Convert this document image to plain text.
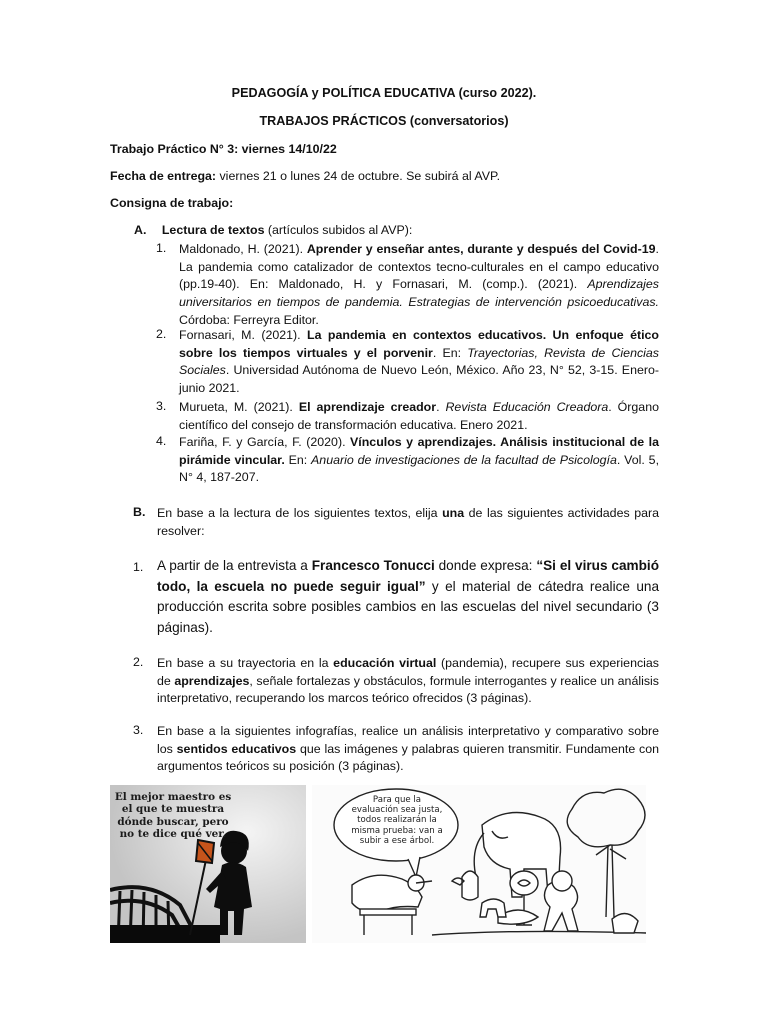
PEDAGOGÍA y POLÍTICA EDUCATIVA (curso 2022).
TRABAJOS PRÁCTICOS (conversatorios)
Trabajo Práctico N° 3: viernes 14/10/22
Fecha de entrega: viernes 21 o lunes 24 de octubre. Se subirá al AVP.
Consigna de trabajo:
A. Lectura de textos (artículos subidos al AVP):
1. Maldonado, H. (2021). Aprender y enseñar antes, durante y después del Covid-19. La pandemia como catalizador de contextos tecno-culturales en el campo educativo (pp.19-40). En: Maldonado, H. y Fornasari, M. (comp.). (2021). Aprendizajes universitarios en tiempos de pandemia. Estrategias de intervención psicoeducativas. Córdoba: Ferreyra Editor.
2. Fornasari, M. (2021). La pandemia en contextos educativos. Un enfoque ético sobre los tiempos virtuales y el porvenir. En: Trayectorias, Revista de Ciencias Sociales. Universidad Autónoma de Nuevo León, México. Año 23, N° 52, 3-15. Enero-junio 2021.
3. Murueta, M. (2021). El aprendizaje creador. Revista Educación Creadora. Órgano científico del consejo de transformación educativa. Enero 2021.
4. Fariña, F. y García, F. (2020). Vínculos y aprendizajes. Análisis institucional de la pirámide vincular. En: Anuario de investigaciones de la facultad de Psicología. Vol. 5, N° 4, 187-207.
B. En base a la lectura de los siguientes textos, elija una de las siguientes actividades para resolver:
1. A partir de la entrevista a Francesco Tonucci donde expresa: “Si el virus cambió todo, la escuela no puede seguir igual” y el material de cátedra realice una producción escrita sobre posibles cambios en las escuelas del nivel secundario (3 páginas).
2. En base a su trayectoria en la educación virtual (pandemia), recupere sus experiencias de aprendizajes, señale fortalezas y obstáculos, formule interrogantes y realice un análisis interpretativo, recuperando los marcos teórico ofrecidos (3 páginas).
3. En base a la siguientes infografías, realice un análisis interpretativo y comparativo sobre los sentidos educativos que las imágenes y palabras quieren transmitir. Fundamente con argumentos teóricos su posición (3 páginas).
El mejor maestro es
el que te muestra
dónde buscar, pero
no te dice qué ver.
Para que la
evaluación sea justa,
todos realizarán la
misma prueba: van a
subir a ese árbol.
